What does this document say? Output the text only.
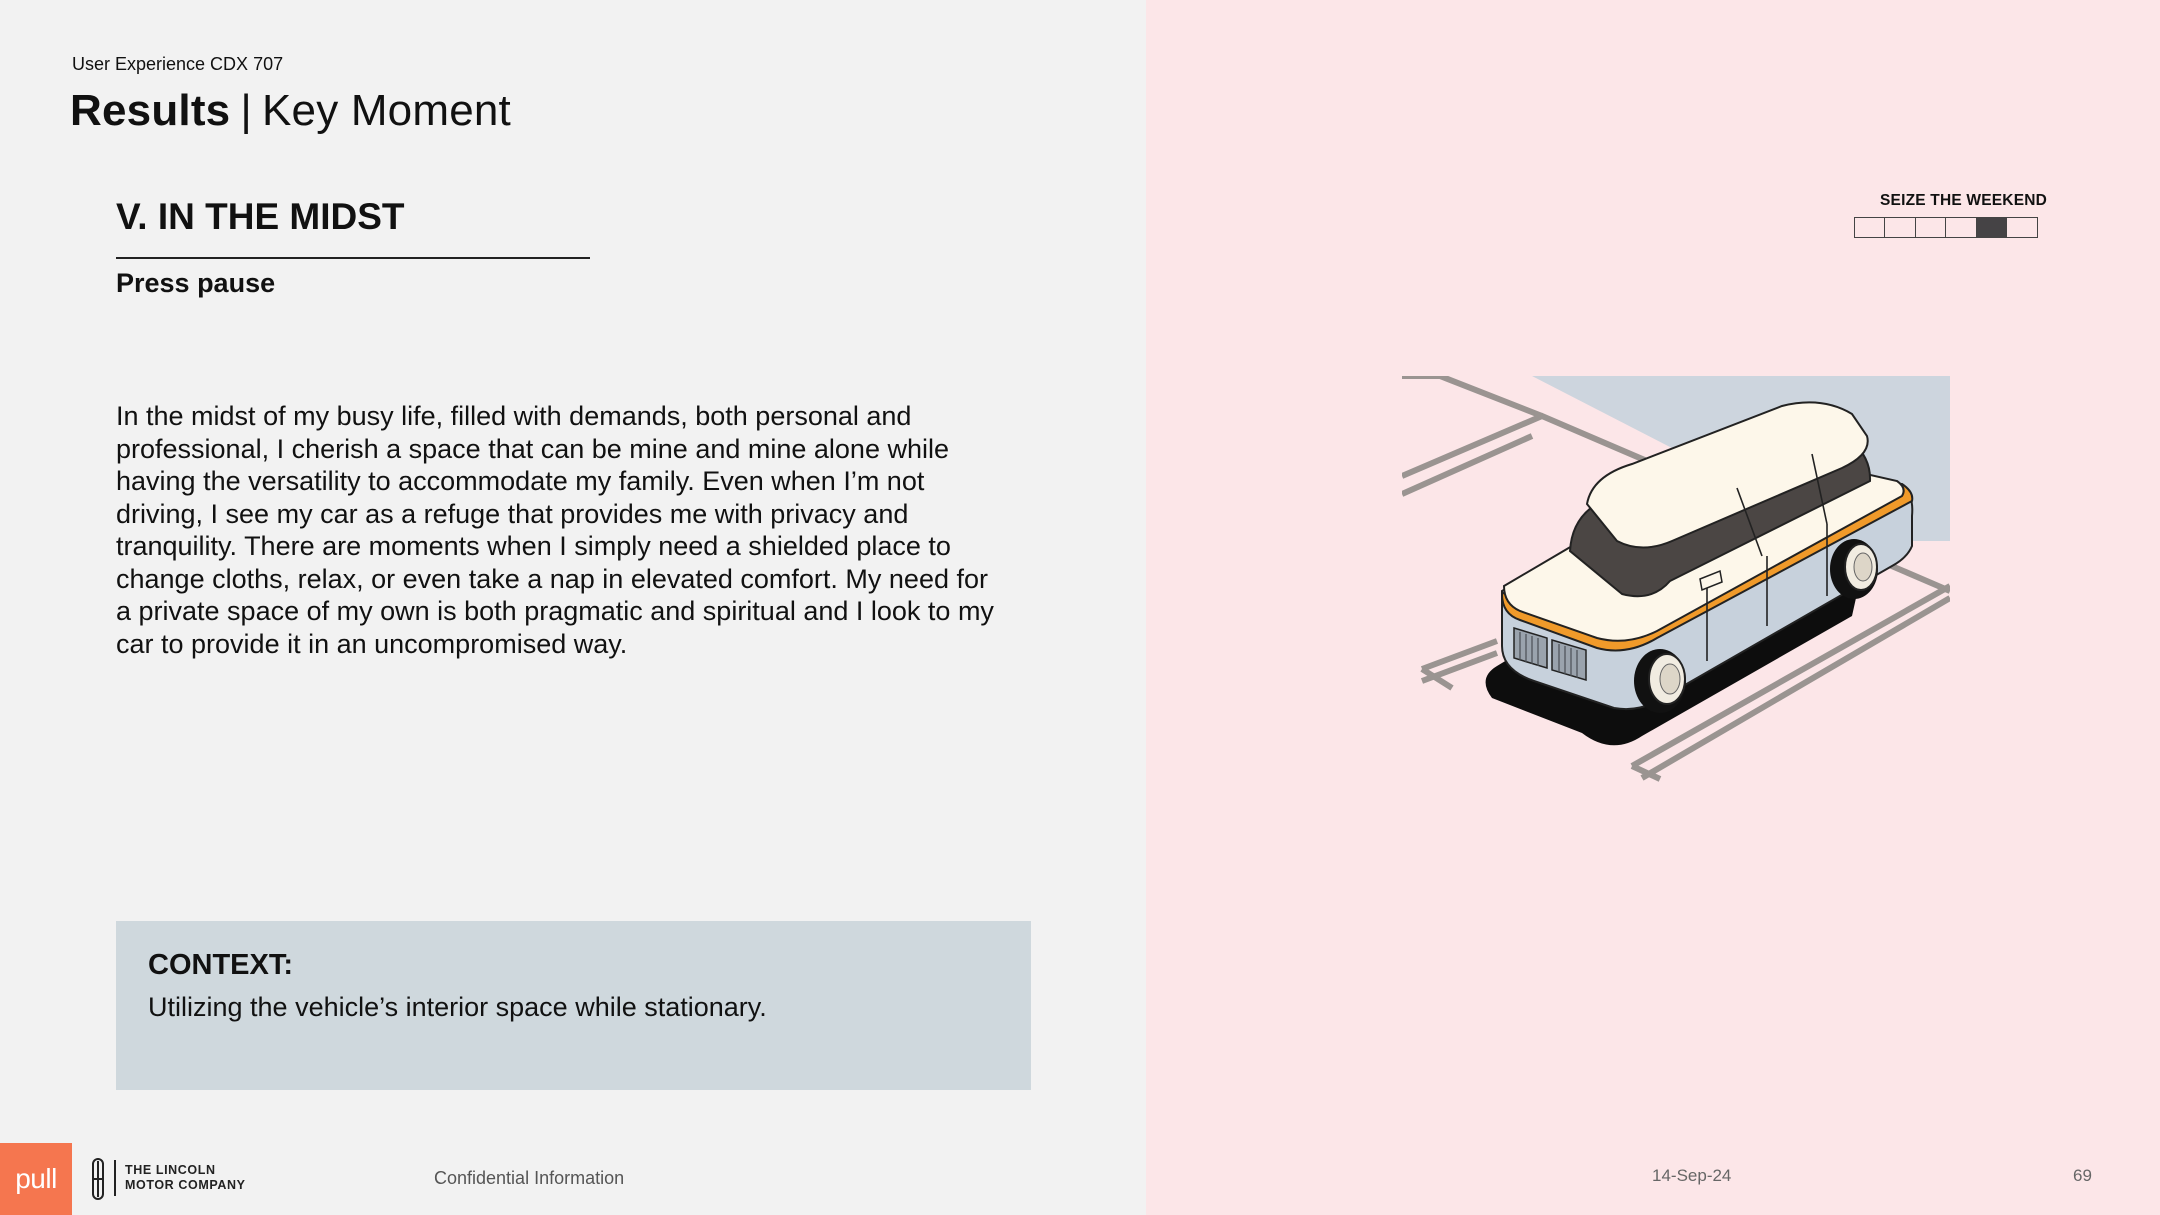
User Experience CDX 707
Results | Key Moment
V. IN THE MIDST
Press pause
In the midst of my busy life, filled with demands, both personal and professional, I cherish a space that can be mine and mine alone while having the versatility to accommodate my family. Even when I’m not driving, I see my car as a refuge that provides me with privacy and tranquility. There are moments when I simply need a shielded place to change cloths, relax, or even take a nap in elevated comfort. My need for a private space of my own is both pragmatic and spiritual and I look to my car to provide it in an uncompromised way.
CONTEXT:
Utilizing the vehicle’s interior space while stationary.
SEIZE THE WEEKEND
pull	THE LINCOLN
MOTOR COMPANY	Confidential Information	14-Sep-24	69
